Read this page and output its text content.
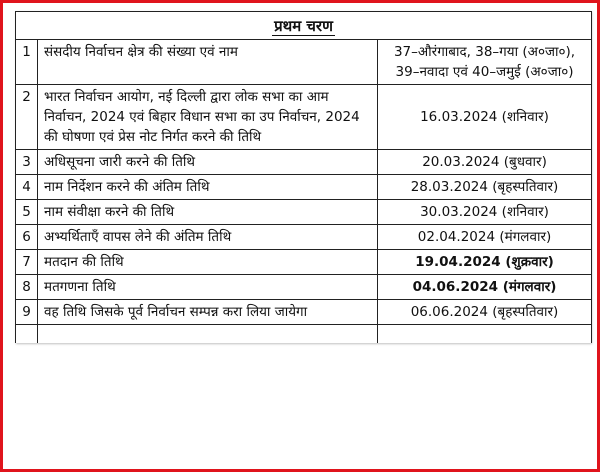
प्रथम चरण		
1	संसदीय निर्वाचन क्षेत्र की संख्या एवं नाम	37–औरंगाबाद, 38–गया (अ०जा०), 39–नवादा एवं 40–जमुई (अ०जा०)
2	भारत निर्वाचन आयोग, नई दिल्ली द्वारा लोक सभा का आम निर्वाचन, 2024 एवं बिहार विधान सभा का उप निर्वाचन, 2024 की घोषणा एवं प्रेस नोट निर्गत करने की तिथि	16.03.2024 (शनिवार)
3	अधिसूचना जारी करने की तिथि	20.03.2024 (बुधवार)
4	नाम निर्देशन करने की अंतिम तिथि	28.03.2024 (बृहस्पतिवार)
5	नाम संवीक्षा करने की तिथि	30.03.2024 (शनिवार)
6	अभ्यर्थिताएँ वापस लेने की अंतिम तिथि	02.04.2024 (मंगलवार)
7	मतदान की तिथि	19.04.2024 (शुक्रवार)
8	मतगणना तिथि	04.06.2024 (मंगलवार)
9	वह तिथि जिसके पूर्व निर्वाचन सम्पन्न करा लिया जायेगा	06.06.2024 (बृहस्पतिवार)
